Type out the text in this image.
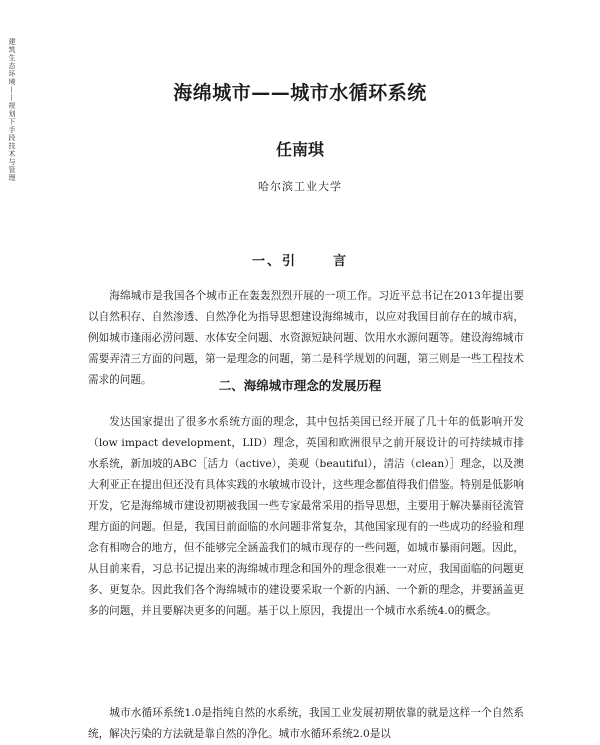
建筑生态环境——规划下手段技术与管理	海绵城市——城市水循环系统
任南琪
哈尔滨工业大学
一、引	言

海绵城市是我国各个城市正在轰轰烈烈开展的一项工作。习近平总书记在2013年提出要以自然积存、自然渗透、自然净化为指导思想建设海绵城市，以应对我国目前存在的城市病，例如城市逢雨必涝问题、水体安全问题、水资源短缺问题、饮用水水源问题等。建设海绵城市需要弄清三方面的问题，第一是理念的问题，第二是科学规划的问题，第三则是一些工程技术需求的问题。	二、海绵城市理念的发展历程

发达国家提出了很多水系统方面的理念，其中包括美国已经开展了几十年的低影响开发（low impact development，LID）理念，英国和欧洲很早之前开展设计的可持续城市排水系统，新加坡的ABC［活力（active），美观（beautiful），清洁（clean）］理念，以及澳大利亚正在提出但还没有具体实践的水敏城市设计，这些理念都值得我们借鉴。特别是低影响开发，它是海绵城市建设初期被我国一些专家最常采用的指导思想，主要用于解决暴雨径流管理方面的问题。但是，我国目前面临的水问题非常复杂，其他国家现有的一些成功的经验和理念有相吻合的地方，但不能够完全涵盖我们的城市现存的一些问题，如城市暴雨问题。因此，从目前来看，习总书记提出来的海绵城市理念和国外的理念很难一一对应，我国面临的问题更多、更复杂。因此我们各个海绵城市的建设要采取一个新的内涵、一个新的理念，并要涵盖更多的问题，并且要解决更多的问题。基于以上原因，我提出一个城市水系统4.0的概念。

城市水循环系统1.0是指纯自然的水系统，我国工业发展初期依靠的就是这样一个自然系统，解决污染的方法就是靠自然的净化。城市水循环系统2.0是以
